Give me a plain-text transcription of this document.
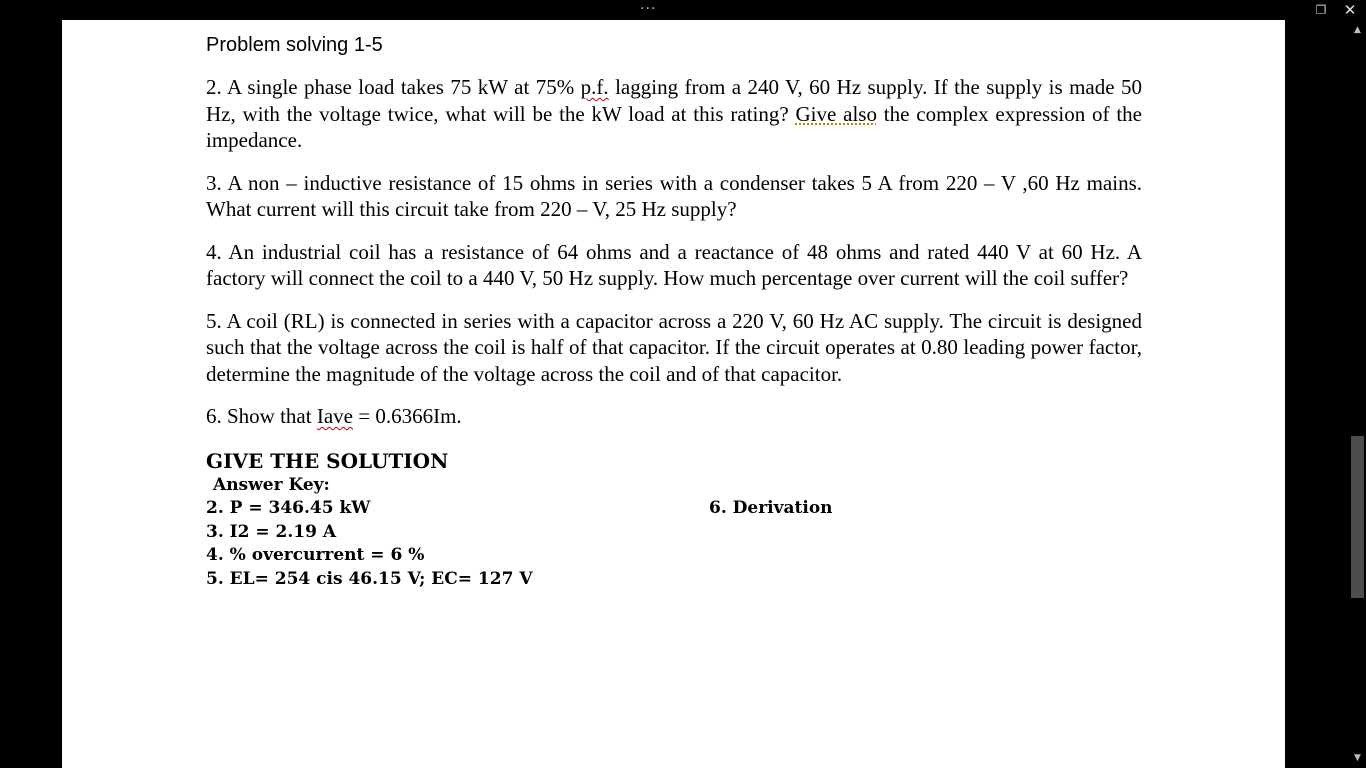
···	❐ ✕
Problem solving 1-5
2. A single phase load takes 75 kW at 75% p.f. lagging from a 240 V, 60 Hz supply. If the supply is made 50 Hz, with the voltage twice, what will be the kW load at this rating? Give also the complex expression of the impedance.
3. A non – inductive resistance of 15 ohms in series with a condenser takes 5 A from 220 – V ,60 Hz mains. What current will this circuit take from 220 – V, 25 Hz supply?
4. An industrial coil has a resistance of 64 ohms and a reactance of 48 ohms and rated 440 V at 60 Hz. A factory will connect the coil to a 440 V, 50 Hz supply. How much percentage over current will the coil suffer?
5. A coil (RL) is connected in series with a capacitor across a 220 V, 60 Hz AC supply. The circuit is designed such that the voltage across the coil is half of that capacitor. If the circuit operates at 0.80 leading power factor, determine the magnitude of the voltage across the coil and of that capacitor.
6. Show that Iave = 0.6366Im.
GIVE THE SOLUTION
Answer Key:
2. P = 346.45 kW
3. I2 = 2.19 A
4. % overcurrent = 6 %
5. EL= 254 cis 46.15 V; EC= 127 V
6. Derivation
▲
▼
